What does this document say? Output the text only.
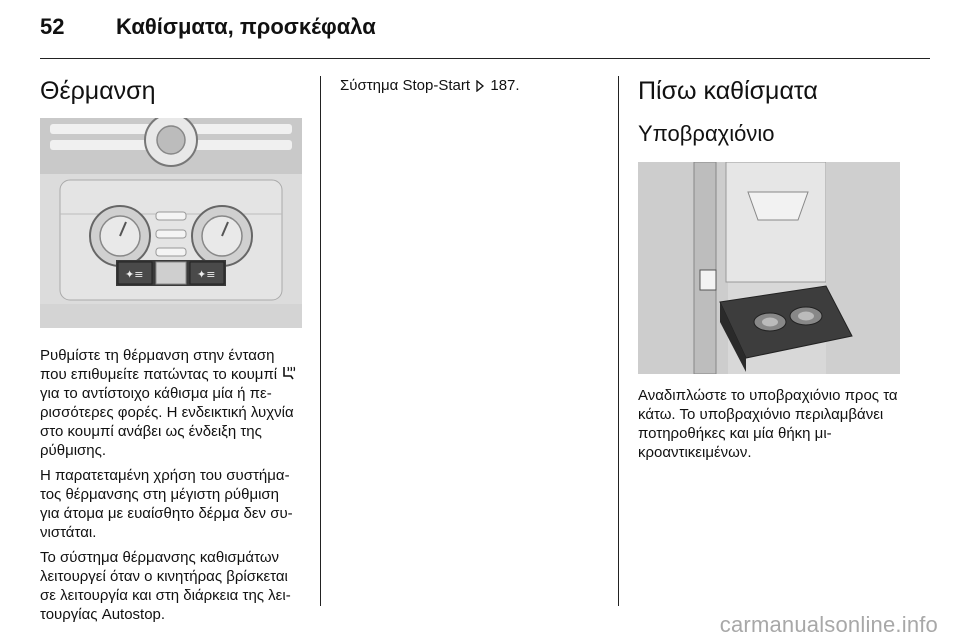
52 Καθίσματα, προσκέφαλα
Θέρμανση
✦≡	✦≡

Ρυθμίστε τη θέρμανση στην ένταση που επιθυμείτε πατώντας το κουμπί  για το αντίστοιχο κάθισμα μία ή περισσότερες φορές. Η ενδεικτική λυχνία στο κουμπί ανάβει ως ένδειξη της ρύθμισης.

Η παρατεταμένη χρήση του συστήματος θέρμανσης στη μέγιστη ρύθμιση για άτομα με ευαίσθητο δέρμα δεν συνιστάται.

Το σύστημα θέρμανσης καθισμάτων λειτουργεί όταν ο κινητήρας βρίσκεται σε λειτουργία και στη διάρκεια της λειτουργίας Autostop.

Σύστημα Stop-Start 187.	Πίσω καθίσματα
Υποβραχιόνιο

Αναδιπλώστε το υποβραχιόνιο προς τα κάτω. Το υποβραχιόνιο περιλαμβάνει ποτηροθήκες και μία θήκη μικροαντικειμένων.

carmanualsonline.info
